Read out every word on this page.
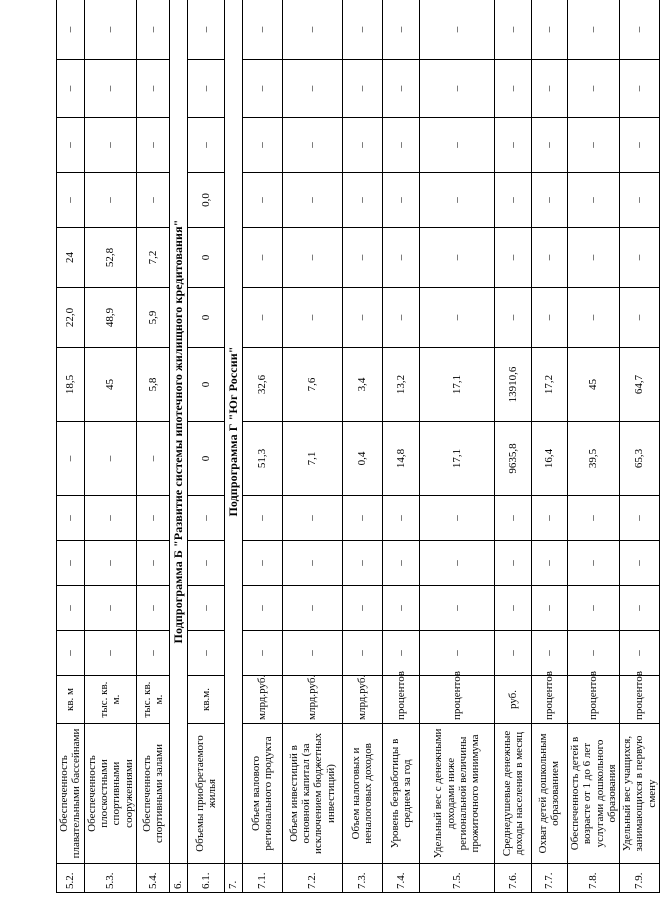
5.2.	Обеспеченность плавательными бассейнами	кв. м	–	–	–	–	–	18,5	22,0	24	–	–	–	–
5.3.	Обеспеченность плоскостными спортивными сооружениями	тыс. кв. м.	–	–	–	–	–	45	48,9	52,8	–	–	–	–
5.4.	Обеспеченность спортивными залами	тыс. кв. м.	–	–	–	–	–	5,8	5,9	7,2	–	–	–	–
6.	Подпрограмма Б "Развитие системы ипотечного жилищного кредитования"													
6.1.	Объемы приобретаемого жилья	кв.м.	–	–	–	–	0	0	0	0	0,0	–	–	–
7.	Подпрограмма Г "Юг России"													
7.1.	Объем валового регионального продукта	млрд.руб.	–	–	–	–	51,3	32,6	–	–	–	–	–	–
7.2.	Объем инвестиций в основной капитал (за исключением бюджетных инвестиций)	млрд.руб.	–	–	–	–	7,1	7,6	–	–	–	–	–	–
7.3.	Объем налоговых и неналоговых доходов	млрд.руб.	–	–	–	–	0,4	3,4	–	–	–	–	–	–
7.4.	Уровень безработицы в среднем за год	процентов	–	–	–	–	14,8	13,2	–	–	–	–	–	–
7.5.	Удельный вес с денежными доходами ниже региональной величины прожиточного минимума	процентов	–	–	–	–	17,1	17,1	–	–	–	–	–	–
7.6.	Среднедушевые денежные доходы населения в месяц	руб.	–	–	–	–	9635,8	13910,6	–	–	–	–	–	–
7.7.	Охват детей дошкольным образованием	процентов	–	–	–	–	16,4	17,2	–	–	–	–	–	–
7.8.	Обеспеченность детей в возрасте от 1 до 6 лет услугами дошкольного образования	процентов	–	–	–	–	39,5	45	–	–	–	–	–	–
7.9.	Удельный вес учащихся, занимающихся в первую смену	процентов	–	–	–	–	65,3	64,7	–	–	–	–	–	–
